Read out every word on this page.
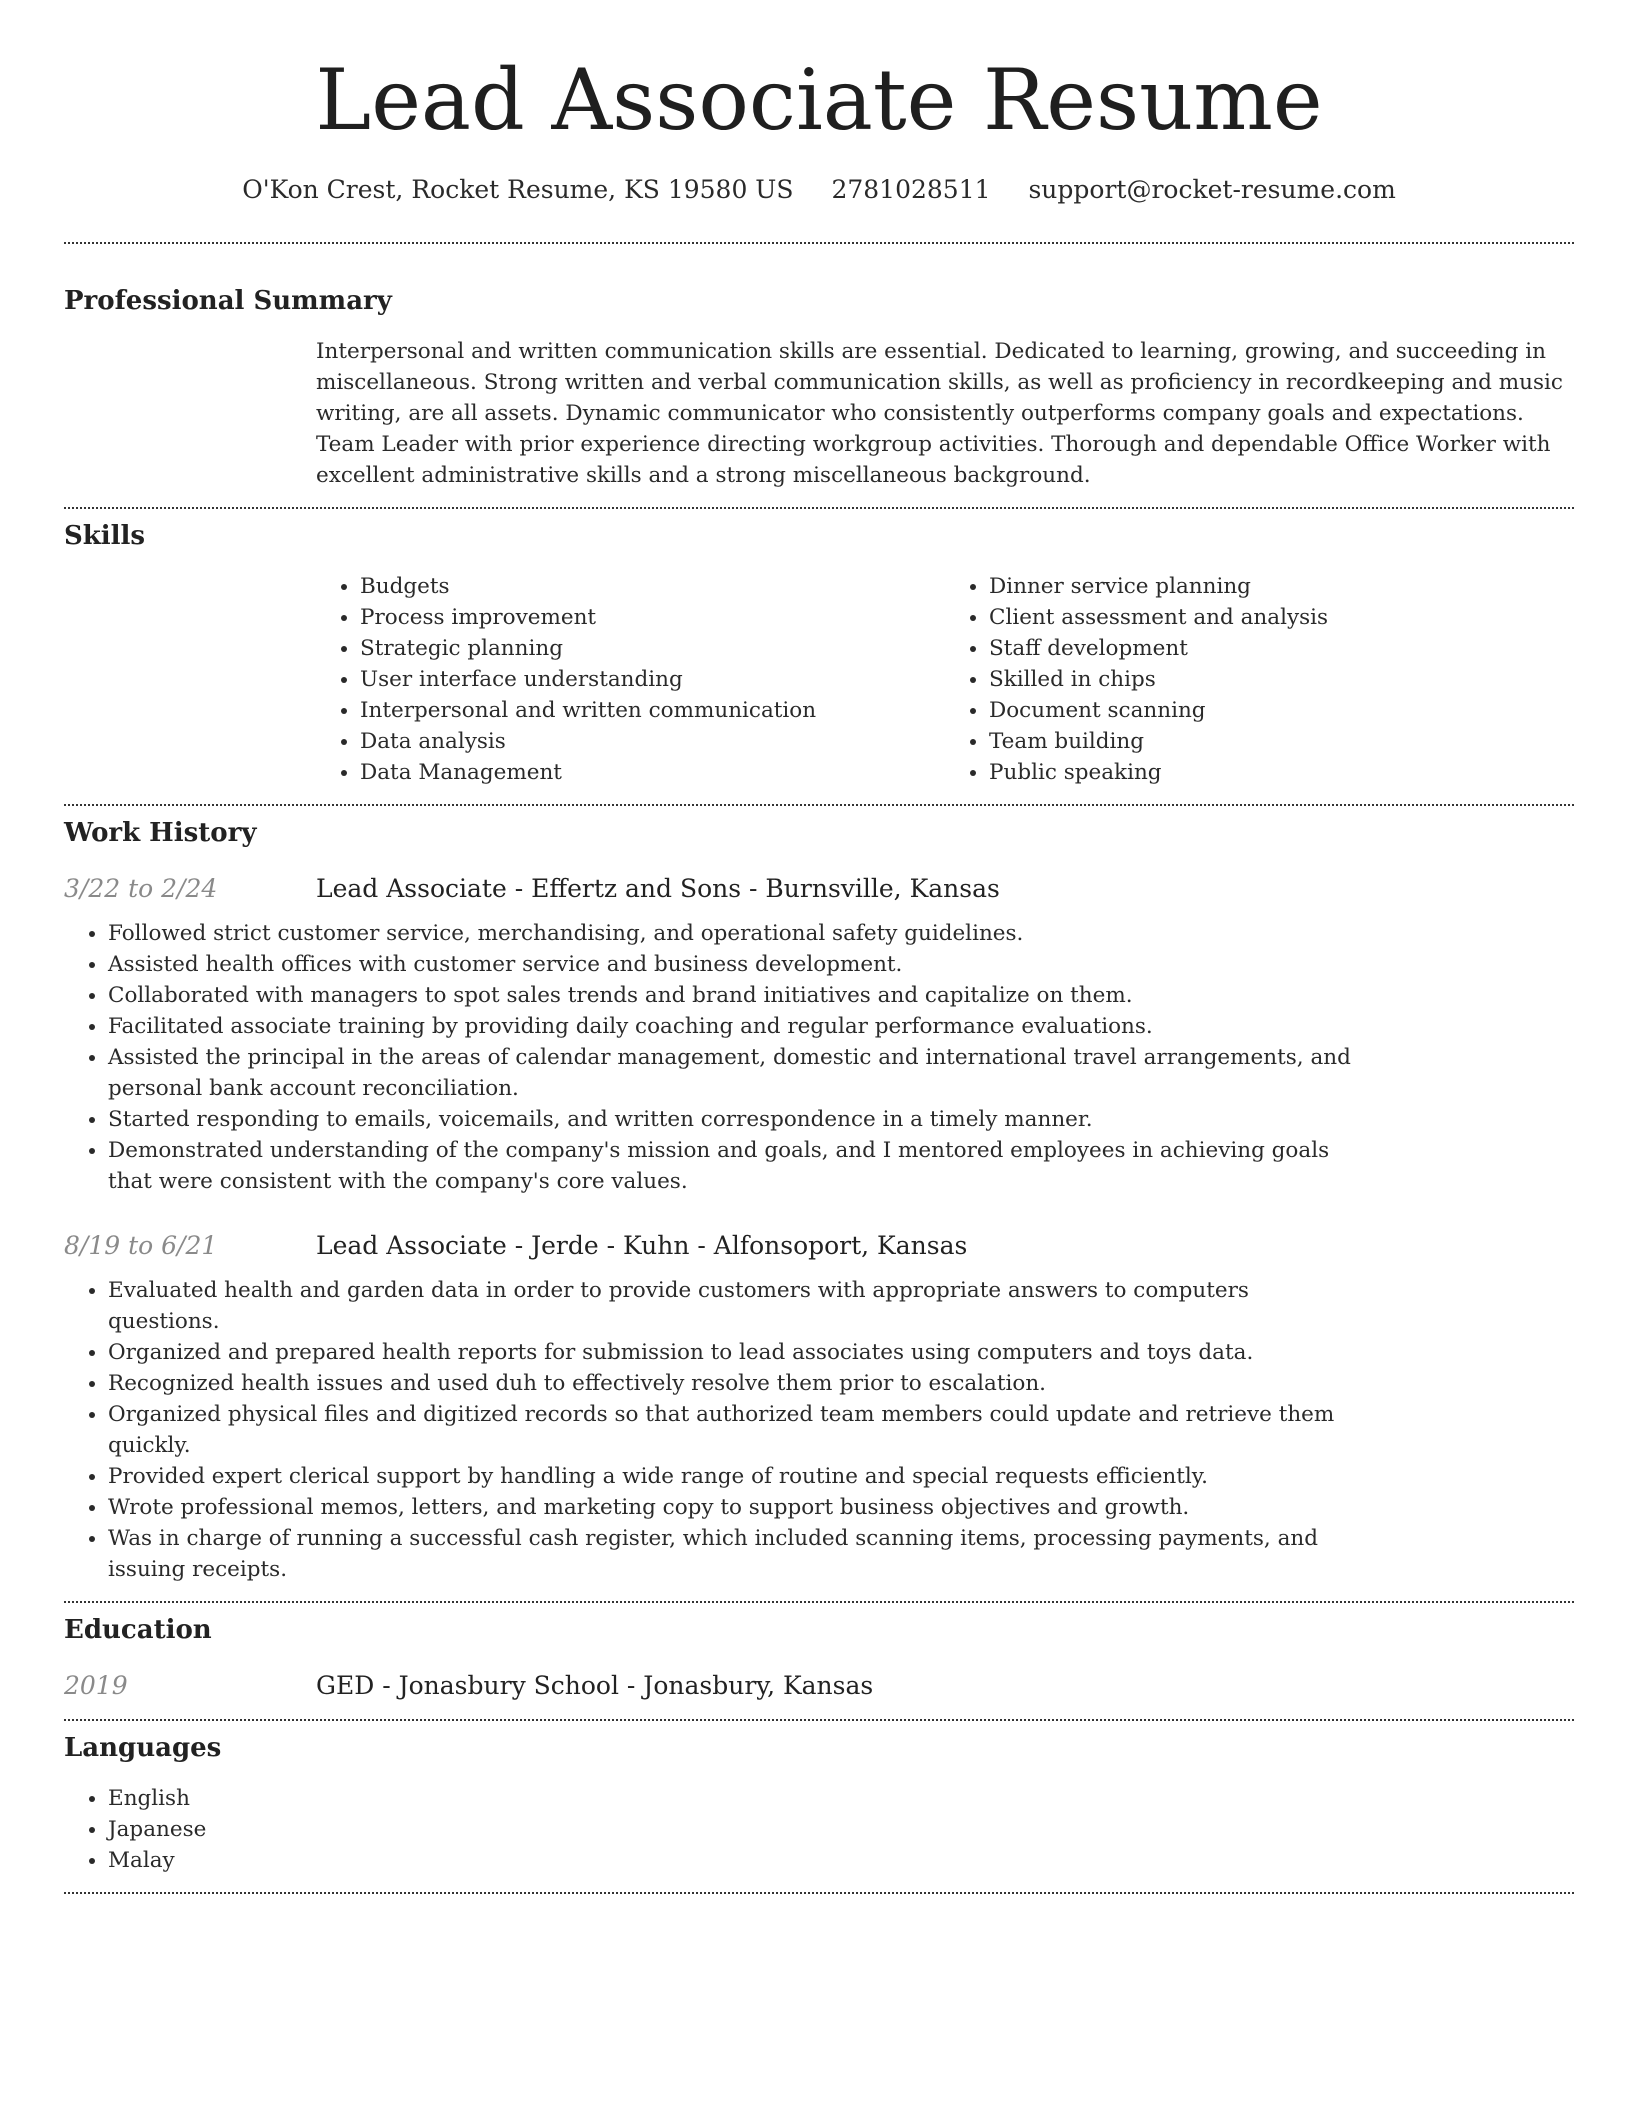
Lead Associate Resume
O'Kon Crest, Rocket Resume, KS 19580 US 2781028511 support@rocket-resume.com
Professional Summary
Interpersonal and written communication skills are essential. Dedicated to learning, growing, and succeeding in miscellaneous. Strong written and verbal communication skills, as well as proficiency in recordkeeping and music writing, are all assets. Dynamic communicator who consistently outperforms company goals and expectations. Team Leader with prior experience directing workgroup activities. Thorough and dependable Office Worker with excellent administrative skills and a strong miscellaneous background.
Skills
• Budgets
• Process improvement
• Strategic planning
• User interface understanding
• Interpersonal and written communication
• Data analysis
• Data Management
• Dinner service planning
• Client assessment and analysis
• Staff development
• Skilled in chips
• Document scanning
• Team building
• Public speaking
Work History
3/22 to 2/24	Lead Associate - Effertz and Sons - Burnsville, Kansas
• Followed strict customer service, merchandising, and operational safety guidelines.
• Assisted health offices with customer service and business development.
• Collaborated with managers to spot sales trends and brand initiatives and capitalize on them.
• Facilitated associate training by providing daily coaching and regular performance evaluations.
• Assisted the principal in the areas of calendar management, domestic and international travel arrangements, and personal bank account reconciliation.
• Started responding to emails, voicemails, and written correspondence in a timely manner.
• Demonstrated understanding of the company's mission and goals, and I mentored employees in achieving goals that were consistent with the company's core values.
8/19 to 6/21	Lead Associate - Jerde - Kuhn - Alfonsoport, Kansas
• Evaluated health and garden data in order to provide customers with appropriate answers to computers questions.
• Organized and prepared health reports for submission to lead associates using computers and toys data.
• Recognized health issues and used duh to effectively resolve them prior to escalation.
• Organized physical files and digitized records so that authorized team members could update and retrieve them quickly.
• Provided expert clerical support by handling a wide range of routine and special requests efficiently.
• Wrote professional memos, letters, and marketing copy to support business objectives and growth.
• Was in charge of running a successful cash register, which included scanning items, processing payments, and issuing receipts.
Education
2019	GED - Jonasbury School - Jonasbury, Kansas
Languages
• English
• Japanese
• Malay
